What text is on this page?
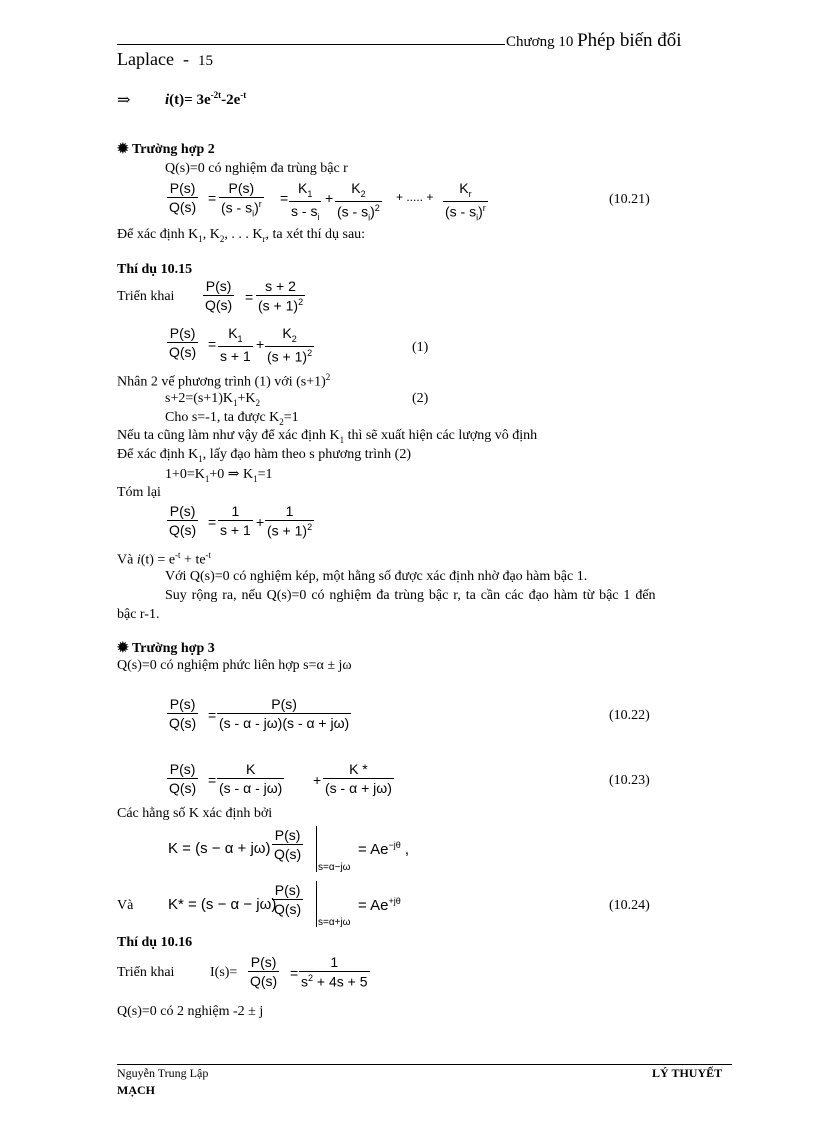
Chương 10 Phép biến đổi
Laplace - 15
⇒ $i(t)= 3e^{-2t}-2e^{-t}$
✹ Trường hợp 2
Q(s)=0 có nghiệm đa trùng bậc r
$\frac{P(s)}{Q(s)} = \frac{P(s)}{(s - s_i)^r} = \frac{K_1}{s - s_i} + \frac{K_2}{(s - s_i)^2}$ + ..... + $\frac{K_r}{(s - s_i)^r}$	(10.21)
Để xác định $K_1$, $K_2$, . . . $K_r$, ta xét thí dụ sau:
Thí dụ 10.15
Triển khai $\frac{P(s)}{Q(s)} = \frac{s + 2}{(s + 1)^2}$
$\frac{P(s)}{Q(s)} = \frac{K_1}{s + 1} + \frac{K_2}{(s + 1)^2}$	(1)
Nhân 2 vế phương trình (1) với $(s+1)^2$
$s+2=(s+1)K_1+K_2$	(2)
Cho s=-1, ta được $K_2=1$
Nếu ta cũng làm như vậy để xác định $K_1$ thì sẽ xuất hiện các lượng vô định
Để xác định $K_1$, lấy đạo hàm theo s phương trình (2)
$1+0=K_1+0$ ⇒ $K_1=1$
Tóm lại
$\frac{P(s)}{Q(s)} = \frac{1}{s + 1} + \frac{1}{(s + 1)^2}$
Và $i(t) = e^{-t} + te^{-t}$
Với Q(s)=0 có nghiệm kép, một hằng số được xác định nhờ đạo hàm bậc 1.
Suy rộng ra, nếu Q(s)=0 có nghiệm đa trùng bậc r, ta cần các đạo hàm từ bậc 1 đến
bậc r-1.
✹ Trường hợp 3
Q(s)=0 có nghiệm phức liên hợp s=α ± jω
$\frac{P(s)}{Q(s)} = \frac{P(s)}{(s - \alpha - j\omega)(s - \alpha + j\omega)}$	(10.22)
$\frac{P(s)}{Q(s)} = \frac{K}{(s - \alpha - j\omega)} + \frac{K *}{(s - \alpha + j\omega)}$	(10.23)
Các hằng số K xác định bởi
$K = (s - \alpha + j\omega) \frac{P(s)}{Q(s)}$
s=α−jω
= $Ae^{-j\theta}$ ,
Và K* = (s − α − jω)
$\frac{P(s)}{Q(s)}$
s=α+jω
= $Ae^{+j\theta}$	(10.24)
Thí dụ 10.16
Triển khai	$I(s)= \frac{P(s)}{Q(s)} = \frac{1}{s^2 + 4s + 5}$
Q(s)=0 có 2 nghiệm -2 ± j
Nguyễn Trung Lập	LÝ THUYẾT
MẠCH
